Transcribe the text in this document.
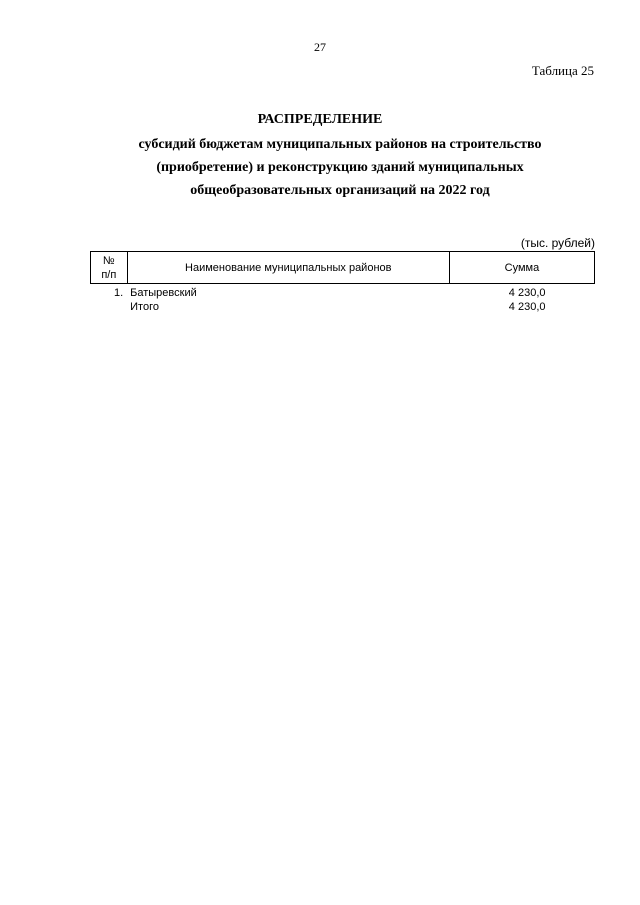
27
Таблица 25
РАСПРЕДЕЛЕНИЕ
субсидий бюджетам муниципальных районов на строительство
(приобретение) и реконструкцию зданий муниципальных
общеобразовательных организаций на 2022 год
(тыс. рублей)
№
п/п	Наименование муниципальных районов	Сумма
1.	Батыревский	4 230,0
	Итого	4 230,0
